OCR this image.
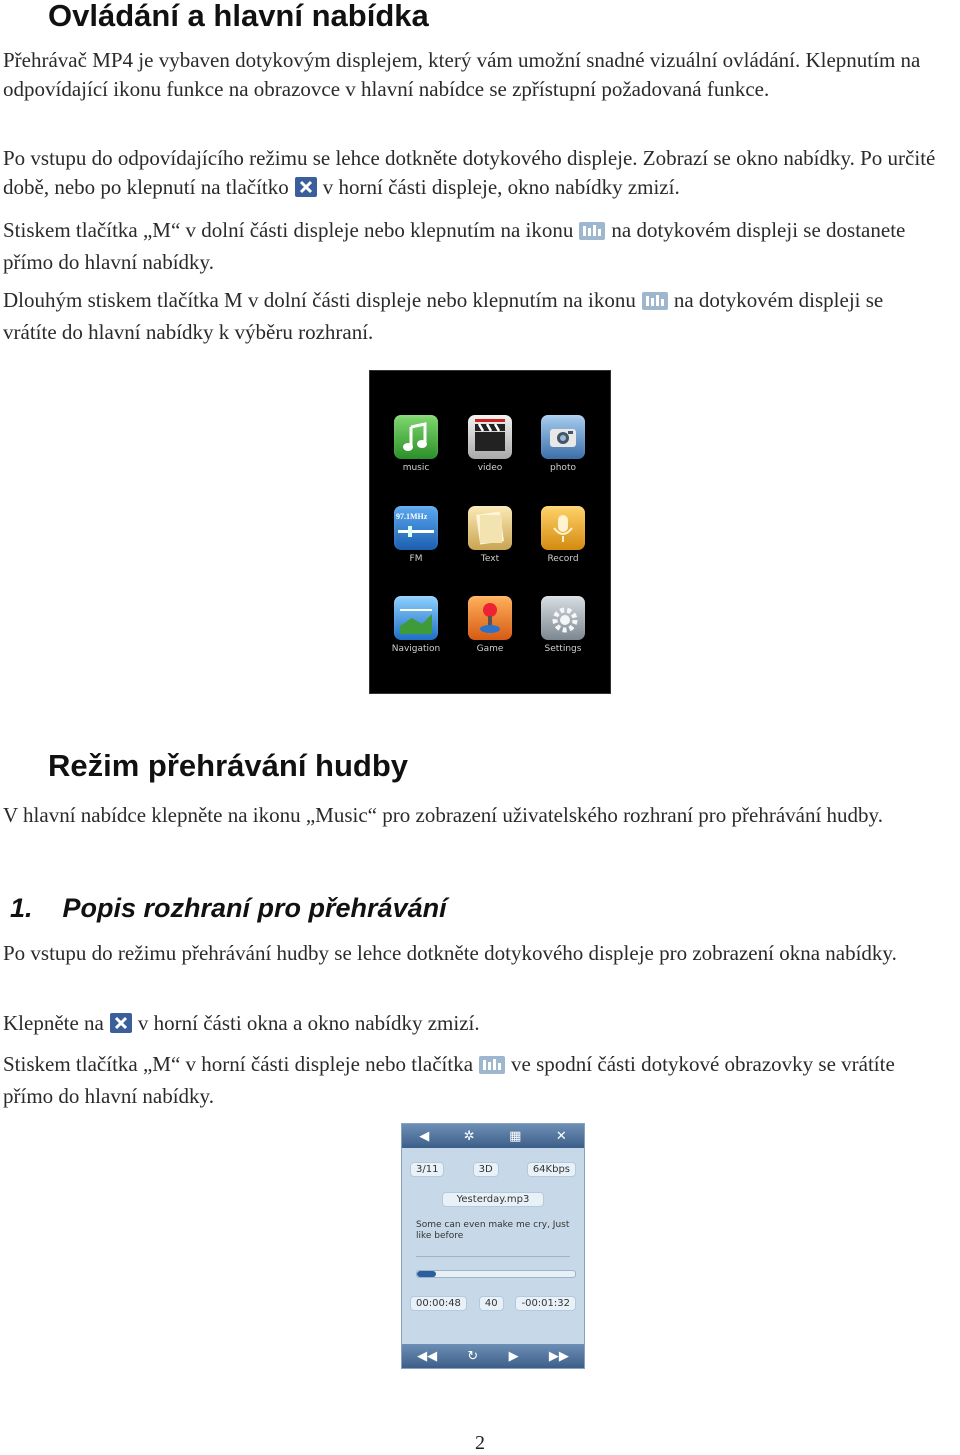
Ovládání a hlavní nabídka

Přehrávač MP4 je vybaven dotykovým displejem, který vám umožní snadné vizuální ovládání. Klepnutím na odpovídající ikonu funkce na obrazovce v hlavní nabídce se zpřístupní požadovaná funkce.

Po vstupu do odpovídajícího režimu se lehce dotkněte dotykového displeje. Zobrazí se okno nabídky. Po určité době, nebo po klepnutí na tlačítko v horní části displeje, okno nabídky zmizí.

Stiskem tlačítka „M“ v dolní části displeje nebo klepnutím na ikonu na dotykovém displeji se dostanete přímo do hlavní nabídky.

Dlouhým stiskem tlačítka M v dolní části displeje nebo klepnutím na ikonu na dotykovém displeji se vrátíte do hlavní nabídky k výběru rozhraní.

music	video	photo
97.1MHz
FM	Text	Record
Navigation	Game	Settings
Režim přehrávání hudby

V hlavní nabídce klepněte na ikonu „Music“ pro zobrazení uživatelského rozhraní pro přehrávání hudby.

1.    Popis rozhraní pro přehrávání

Po vstupu do režimu přehrávání hudby se lehce dotkněte dotykového displeje pro zobrazení okna nabídky.

Klepněte na v horní části okna a okno nabídky zmizí.

Stiskem tlačítka „M“ v horní části displeje nebo tlačítka ve spodní části dotykové obrazovky se vrátíte přímo do hlavní nabídky.

◀	✲	▦	✕
3/11	3D	64Kbps
Yesterday.mp3
Some can even make me cry, Just like before
00:00:48	40	-00:01:32
◀◀ ↻ ▶ ▶▶
2
